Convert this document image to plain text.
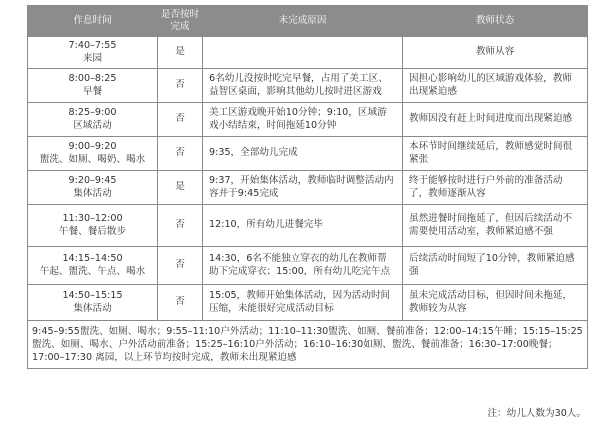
作息时间	是否按时完成	未完成原因	教师状态

7:40–7:55
来园	是		教师从容

8:00–8:25
早餐	否	6名幼儿没按时吃完早餐，占用了美工区、益智区桌面，影响其他幼儿按时进区游戏	因担心影响幼儿的区域游戏体验，教师出现紧迫感

8:25–9:00
区域活动	否	美工区游戏晚开始10分钟；9:10，区域游戏小结结束，时间拖延10分钟	教师因没有赶上时间进度而出现紧迫感

9:00–9:20
盥洗、如厕、喝奶、喝水	否	9:35，全部幼儿完成	本环节时间继续延后，教师感觉时间很紧张

9:20–9:45
集体活动	是	9:37，开始集体活动，教师临时调整活动内容并于9:45完成	终于能够按时进行户外前的准备活动了，教师逐渐从容

11:30–12:00
午餐、餐后散步	否	12:10，所有幼儿进餐完毕	虽然进餐时间拖延了，但因后续活动不需要使用活动室，教师紧迫感不强

14:15–14:50
午起、盥洗、午点、喝水	否	14:30，6名不能独立穿衣的幼儿在教师帮助下完成穿衣；15:00，所有幼儿吃完午点	后续活动时间短了10分钟，教师紧迫感强

14:50–15:15
集体活动	否	15:05，教师开始集体活动，因为活动时间压缩，未能很好完成活动目标	虽未完成活动目标，但因时间未拖延，教师较为从容
9:45–9:55盥洗、如厕、喝水；9:55–11:10户外活动；11:10–11:30盥洗、如厕、餐前准备；12:00–14:15午睡；15:15–15:25盥洗、如厕、喝水、户外活动前准备；15:25–16:10户外活动；16:10–16:30如厕、盥洗、餐前准备；16:30–17:00晚餐；17:00–17:30 离园，以上环节均按时完成，教师未出现紧迫感			
注：幼儿人数为30人。
